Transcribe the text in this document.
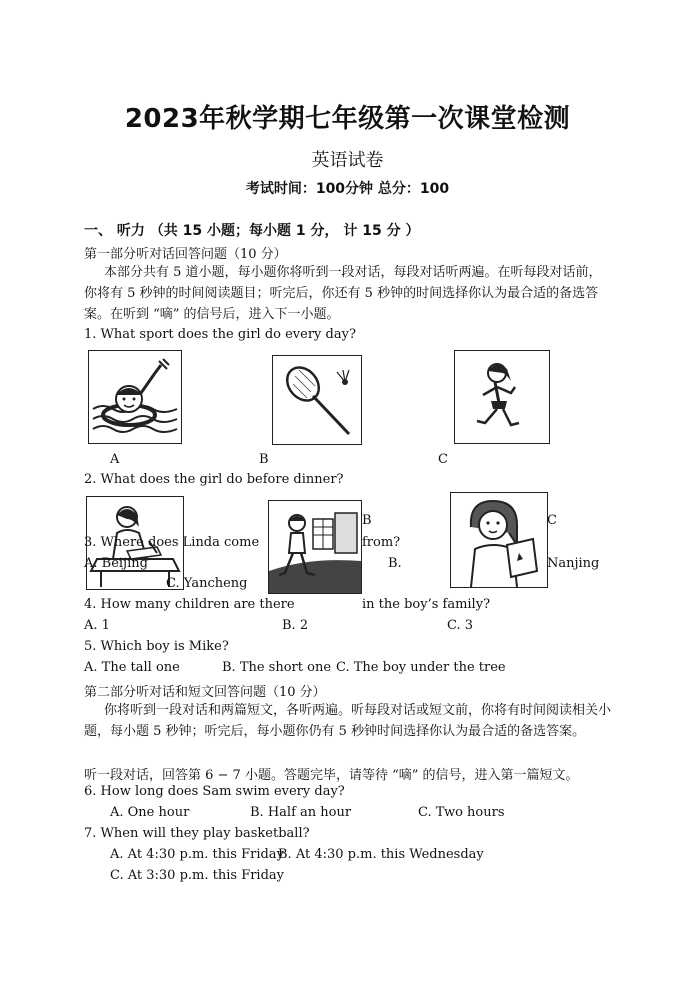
2023年秋学期七年级第一次课堂检测
英语试卷
考试时间：100分钟 总分：100
一、 听力 （共 15 小题；每小题 1 分， 计 15 分 ）
第一部分听对话回答问题（10 分）
本部分共有 5 道小题，每小题你将听到一段对话，每段对话听两遍。在听每段对话前，你将有 5 秒钟的时间阅读题目；听完后，你还有 5 秒钟的时间选择你认为最合适的备选答案。在听到 “嘀” 的信号后，进入下一小题。
1. What sport does the girl do every day?
A	B	C
2. What does the girl do before dinner?
B	C
3. Where does Linda come	from?
A. Beijing	B.	Nanjing
C. Yancheng
4. How many children are there	in the boy’s family?
A. 1	B. 2	C. 3
5. Which boy is Mike?
A. The tall one	B. The short one C. The boy under the tree
第二部分听对话和短文回答问题（10 分）
你将听到一段对话和两篇短文，各听两遍。听每段对话或短文前，你将有时间阅读相关小题，每小题 5 秒钟；听完后，每小题你仍有 5 秒钟时间选择你认为最合适的备选答案。
听一段对话，回答第 6 − 7 小题。答题完毕，请等待 “嘀” 的信号，进入第一篇短文。
6. How long does Sam swim every day?
A. One hour	B. Half an hour	C. Two hours
7. When will they play basketball?
A. At 4:30 p.m. this Friday
B. At 4:30 p.m. this Wednesday
C. At 3:30 p.m. this Friday
